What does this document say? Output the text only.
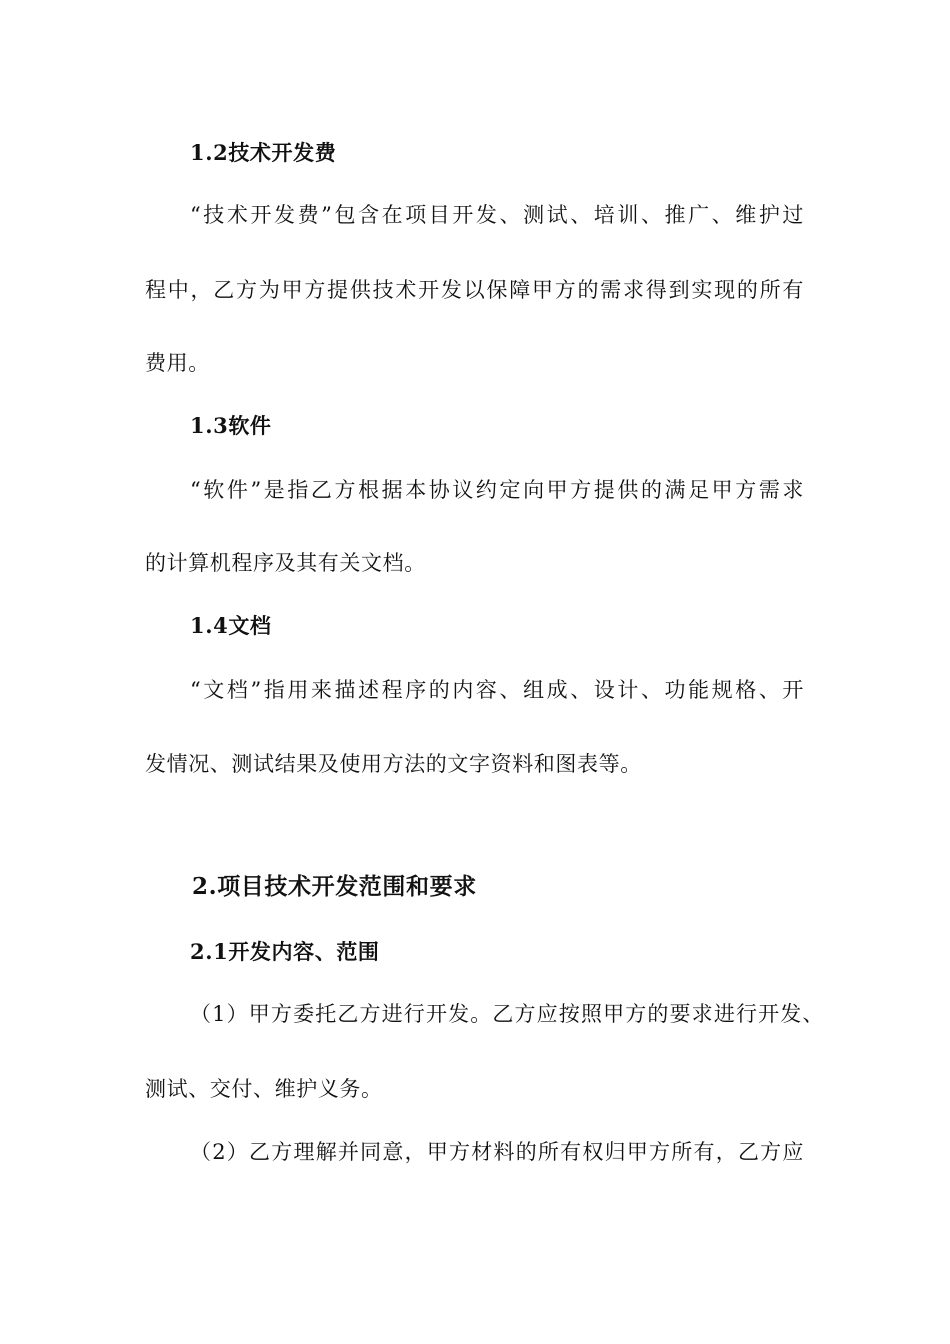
1.2技术开发费
“技术开发费”包含在项目开发、测试、培训、推广、维护过
程中，乙方为甲方提供技术开发以保障甲方的需求得到实现的所有
费用。
1.3软件
“软件”是指乙方根据本协议约定向甲方提供的满足甲方需求
的计算机程序及其有关文档。
1.4文档
“文档”指用来描述程序的内容、组成、设计、功能规格、开
发情况、测试结果及使用方法的文字资料和图表等。
2.项目技术开发范围和要求
2.1开发内容、范围
（1）甲方委托乙方进行开发。乙方应按照甲方的要求进行开发、
测试、交付、维护义务。
（2）乙方理解并同意，甲方材料的所有权归甲方所有，乙方应
